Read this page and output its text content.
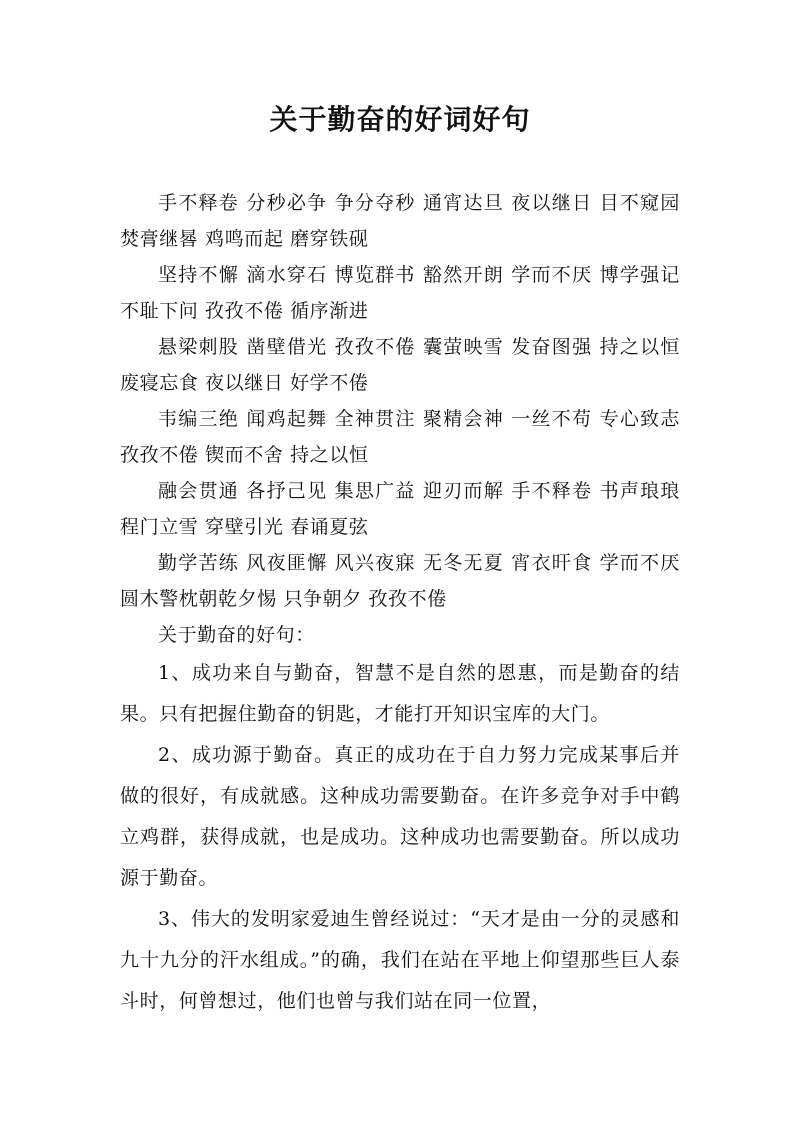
关于勤奋的好词好句

手不释卷 分秒必争 争分夺秒 通宵达旦 夜以继日 目不窥园 焚膏继晷 鸡鸣而起 磨穿铁砚

坚持不懈 滴水穿石 博览群书 豁然开朗 学而不厌 博学强记 不耻下问 孜孜不倦 循序渐进

悬梁刺股 凿壁借光 孜孜不倦 囊萤映雪 发奋图强 持之以恒 废寝忘食 夜以继日 好学不倦

韦编三绝 闻鸡起舞 全神贯注 聚精会神 一丝不苟 专心致志 孜孜不倦 锲而不舍 持之以恒

融会贯通 各抒己见 集思广益 迎刃而解 手不释卷 书声琅琅 程门立雪 穿壁引光 春诵夏弦

勤学苦练 风夜匪懈 风兴夜寐 无冬无夏 宵衣旰食 学而不厌 圆木警枕朝乾夕惕 只争朝夕 孜孜不倦

关于勤奋的好句：

1、成功来自与勤奋，智慧不是自然的恩惠，而是勤奋的结果。只有把握住勤奋的钥匙，才能打开知识宝库的大门。

2、成功源于勤奋。真正的成功在于自力努力完成某事后并做的很好，有成就感。这种成功需要勤奋。在许多竞争对手中鹤立鸡群，获得成就，也是成功。这种成功也需要勤奋。所以成功源于勤奋。

3、伟大的发明家爱迪生曾经说过：“天才是由一分的灵感和九十九分的汗水组成。”的确，我们在站在平地上仰望那些巨人泰斗时，何曾想过，他们也曾与我们站在同一位置，
